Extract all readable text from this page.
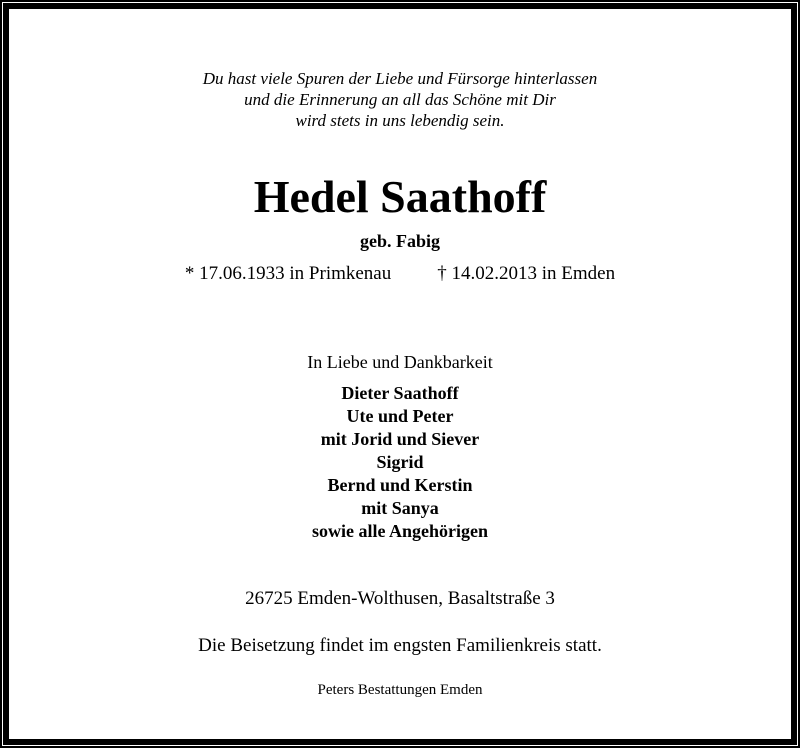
Du hast viele Spuren der Liebe und Fürsorge hinterlassen
und die Erinnerung an all das Schöne mit Dir
wird stets in uns lebendig sein.
Hedel Saathoff
geb. Fabig
* 17.06.1933 in Primkenau † 14.02.2013 in Emden
In Liebe und Dankbarkeit
Dieter Saathoff
Ute und Peter
mit Jorid und Siever
Sigrid
Bernd und Kerstin
mit Sanya
sowie alle Angehörigen
26725 Emden-Wolthusen, Basaltstraße 3
Die Beisetzung findet im engsten Familienkreis statt.
Peters Bestattungen Emden
